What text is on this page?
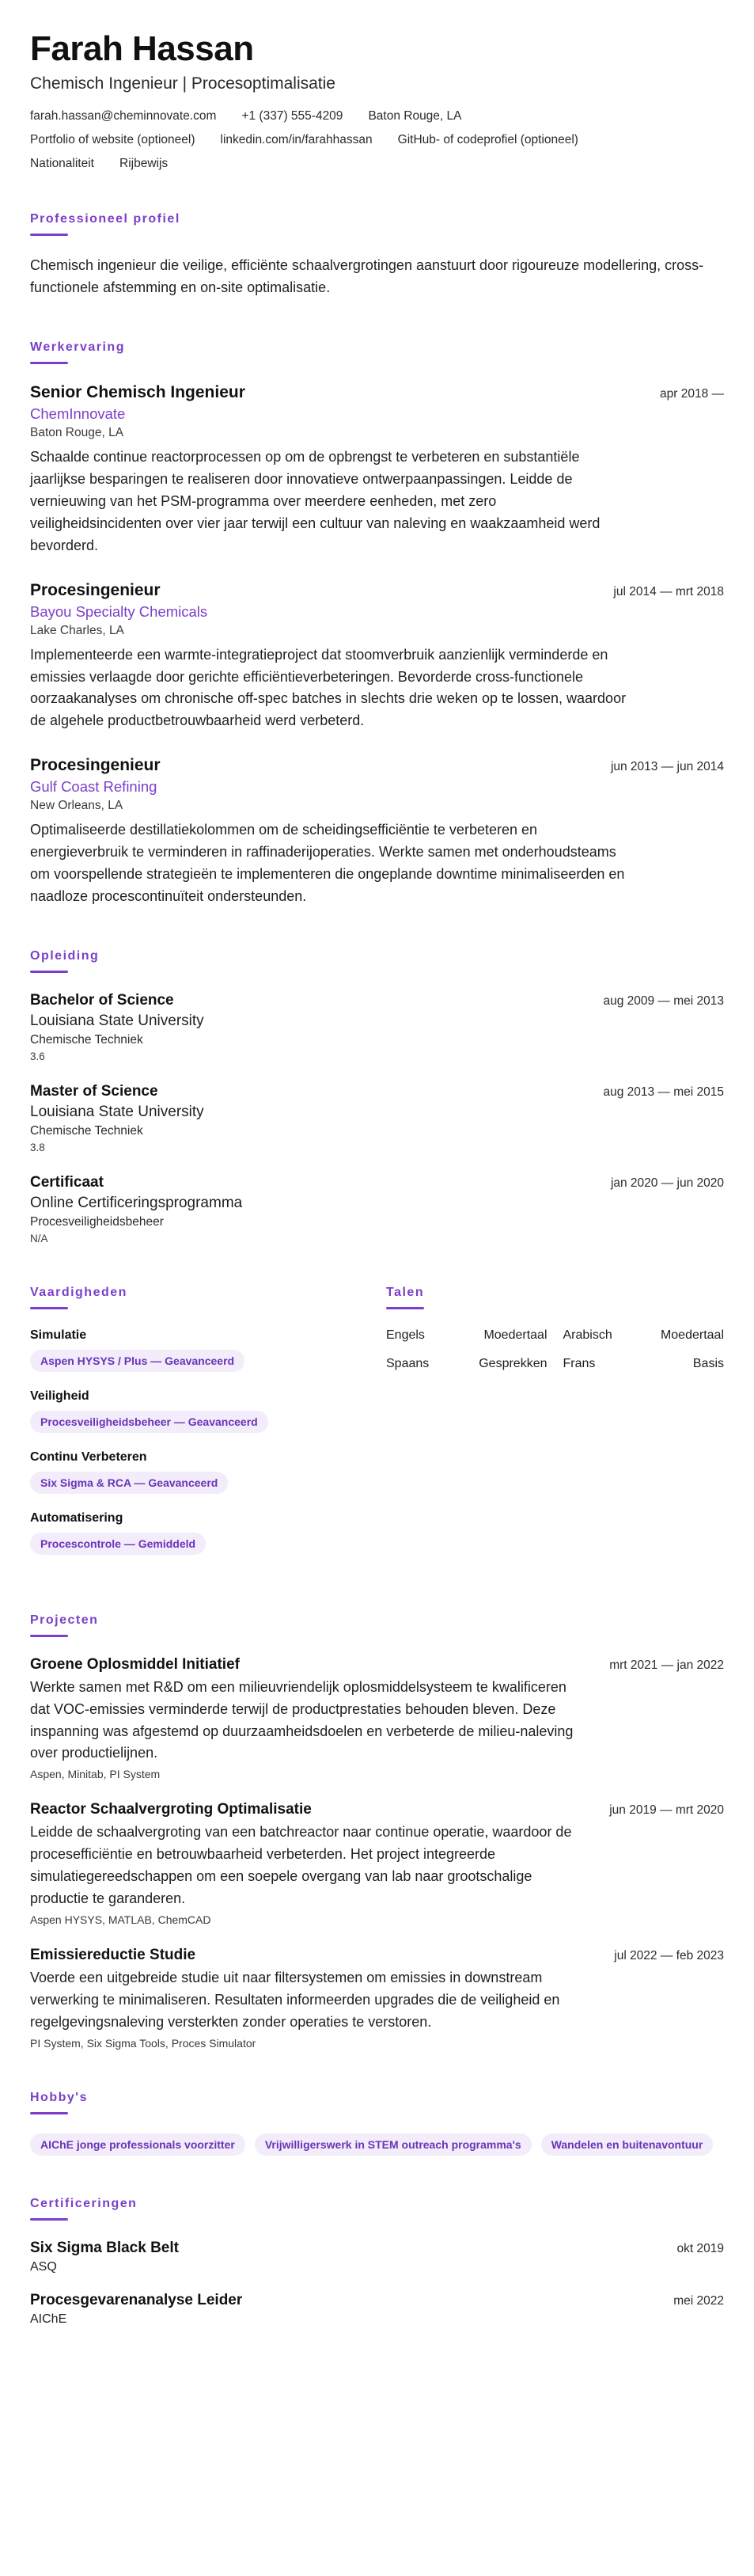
Farah Hassan
Chemisch Ingenieur | Procesoptimalisatie
farah.hassan@cheminnovate.com +1 (337) 555-4209 Baton Rouge, LA
Portfolio of website (optioneel) linkedin.com/in/farahhassan GitHub- of codeprofiel (optioneel)
Nationaliteit Rijbewijs
Professioneel profiel

Chemisch ingenieur die veilige, efficiënte schaalvergrotingen aanstuurt door rigoureuze modellering, cross-functionele afstemming en on-site optimalisatie.

Werkervaring
Senior Chemisch Ingenieur	apr 2018 —
ChemInnovate
Baton Rouge, LA

Schaalde continue reactorprocessen op om de opbrengst te verbeteren en substantiële jaarlijkse besparingen te realiseren door innovatieve ontwerpaanpassingen. Leidde de vernieuwing van het PSM-programma over meerdere eenheden, met zero veiligheidsincidenten over vier jaar terwijl een cultuur van naleving en waakzaamheid werd bevorderd.

Procesingenieur	jul 2014 — mrt 2018
Bayou Specialty Chemicals
Lake Charles, LA

Implementeerde een warmte-integratieproject dat stoomverbruik aanzienlijk verminderde en emissies verlaagde door gerichte efficiëntieverbeteringen. Bevorderde cross-functionele oorzaakanalyses om chronische off-spec batches in slechts drie weken op te lossen, waardoor de algehele productbetrouwbaarheid werd verbeterd.

Procesingenieur	jun 2013 — jun 2014
Gulf Coast Refining
New Orleans, LA

Optimaliseerde destillatiekolommen om de scheidingsefficiëntie te verbeteren en energieverbruik te verminderen in raffinaderijoperaties. Werkte samen met onderhoudsteams om voorspellende strategieën te implementeren die ongeplande downtime minimaliseerden en naadloze procescontinuïteit ondersteunden.

Opleiding
Bachelor of Science	aug 2009 — mei 2013
Louisiana State University
Chemische Techniek
3.6
Master of Science	aug 2013 — mei 2015
Louisiana State University
Chemische Techniek
3.8
Certificaat	jan 2020 — jun 2020
Online Certificeringsprogramma
Procesveiligheidsbeheer
N/A
Vaardigheden
Simulatie
Aspen HYSYS / Plus — Geavanceerd
Veiligheid
Procesveiligheidsbeheer — Geavanceerd
Continu Verbeteren
Six Sigma & RCA — Geavanceerd
Automatisering
Procescontrole — Gemiddeld
Talen
Engels	Moedertaal Arabisch	Moedertaal
Spaans	Gesprekken Frans	Basis
Projecten
Groene Oplosmiddel Initiatief	mrt 2021 — jan 2022

Werkte samen met R&D om een milieuvriendelijk oplosmiddelsysteem te kwalificeren dat VOC-emissies verminderde terwijl de productprestaties behouden bleven. Deze inspanning was afgestemd op duurzaamheidsdoelen en verbeterde de milieu-naleving over productielijnen.

Aspen, Minitab, PI System
Reactor Schaalvergroting Optimalisatie	jun 2019 — mrt 2020

Leidde de schaalvergroting van een batchreactor naar continue operatie, waardoor de procesefficiëntie en betrouwbaarheid verbeterden. Het project integreerde simulatiegereedschappen om een soepele overgang van lab naar grootschalige productie te garanderen.

Aspen HYSYS, MATLAB, ChemCAD
Emissiereductie Studie	jul 2022 — feb 2023

Voerde een uitgebreide studie uit naar filtersystemen om emissies in downstream verwerking te minimaliseren. Resultaten informeerden upgrades die de veiligheid en regelgevingsnaleving versterkten zonder operaties te verstoren.

PI System, Six Sigma Tools, Proces Simulator
Hobby's
AIChE jonge professionals voorzitter	Vrijwilligerswerk in STEM outreach programma's	Wandelen en buitenavontuur
Certificeringen
Six Sigma Black Belt	okt 2019
ASQ
Procesgevarenanalyse Leider	mei 2022
AIChE
